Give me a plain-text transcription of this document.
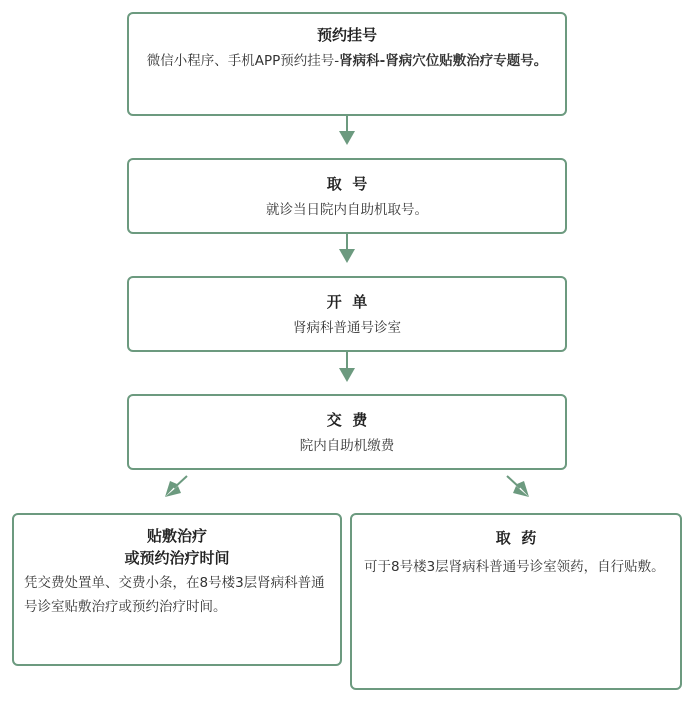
预约挂号
微信小程序、手机APP预约挂号-肾病科-肾病穴位贴敷治疗专题号。
取  号
就诊当日院内自助机取号。
开  单
肾病科普通号诊室
交  费
院内自助机缴费
贴敷治疗
或预约治疗时间
凭交费处置单、交费小条，在8号楼3层肾病科普通号诊室贴敷治疗或预约治疗时间。
取  药
可于8号楼3层肾病科普通号诊室领药，自行贴敷。
